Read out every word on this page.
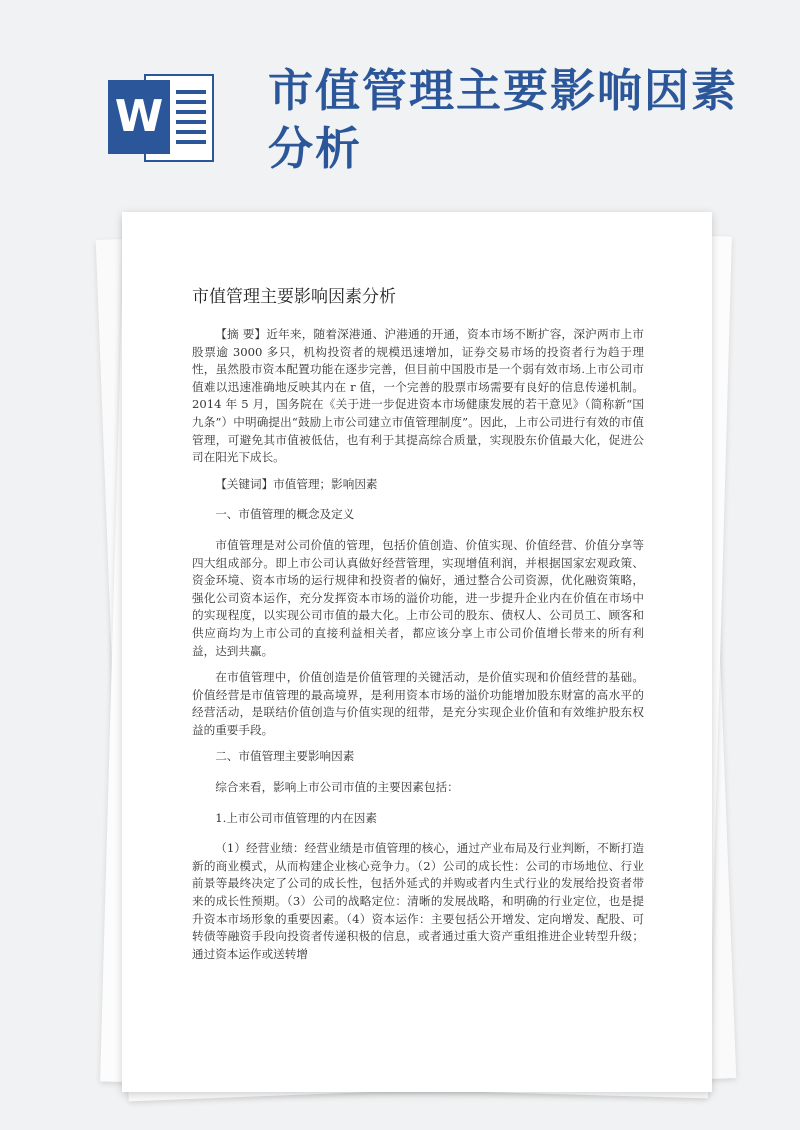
W 市值管理主要影响因素分析
市值管理主要影响因素分析

【摘 要】近年来，随着深港通、沪港通的开通，资本市场不断扩容，深沪两市上市股票逾 3000 多只，机构投资者的规模迅速增加，证券交易市场的投资者行为趋于理性，虽然股市资本配置功能在逐步完善，但目前中国股市是一个弱有效市场.上市公司市值难以迅速准确地反映其内在 r 值，一个完善的股票市场需要有良好的信息传递机制。2014 年 5 月，国务院在《关于进一步促进资本市场健康发展的若干意见》（简称新“国九条”）中明确提出“鼓励上市公司建立市值管理制度”。因此，上市公司进行有效的市值管理，可避免其市值被低估，也有利于其提高综合质量，实现股东价值最大化，促进公司在阳光下成长。

【关键词】市值管理；影响因素

一、市值管理的概念及定义

市值管理是对公司价值的管理，包括价值创造、价值实现、价值经营、价值分享等四大组成部分。即上市公司认真做好经营管理，实现增值利润，并根据国家宏观政策、资金环境、资本市场的运行规律和投资者的偏好，通过整合公司资源，优化融资策略，强化公司资本运作，充分发挥资本市场的溢价功能，进一步提升企业内在价值在市场中的实现程度，以实现公司市值的最大化。上市公司的股东、债权人、公司员工、顾客和供应商均为上市公司的直接利益相关者，都应该分享上市公司价值增长带来的所有利益，达到共赢。

在市值管理中，价值创造是价值管理的关键活动，是价值实现和价值经营的基础。价值经营是市值管理的最高境界，是利用资本市场的溢价功能增加股东财富的高水平的经营活动，是联结价值创造与价值实现的纽带，是充分实现企业价值和有效维护股东权益的重要手段。

二、市值管理主要影响因素

综合来看，影响上市公司市值的主要因素包括：

1.上市公司市值管理的内在因素

（1）经营业绩：经营业绩是市值管理的核心，通过产业布局及行业判断，不断打造新的商业模式，从而构建企业核心竞争力。（2）公司的成长性：公司的市场地位、行业前景等最终决定了公司的成长性，包括外延式的并购或者内生式行业的发展给投资者带来的成长性预期。（3）公司的战略定位：清晰的发展战略，和明确的行业定位，也是提升资本市场形象的重要因素。（4）资本运作：主要包括公开增发、定向增发、配股、可转债等融资手段向投资者传递积极的信息，或者通过重大资产重组推进企业转型升级；通过资本运作或送转增
